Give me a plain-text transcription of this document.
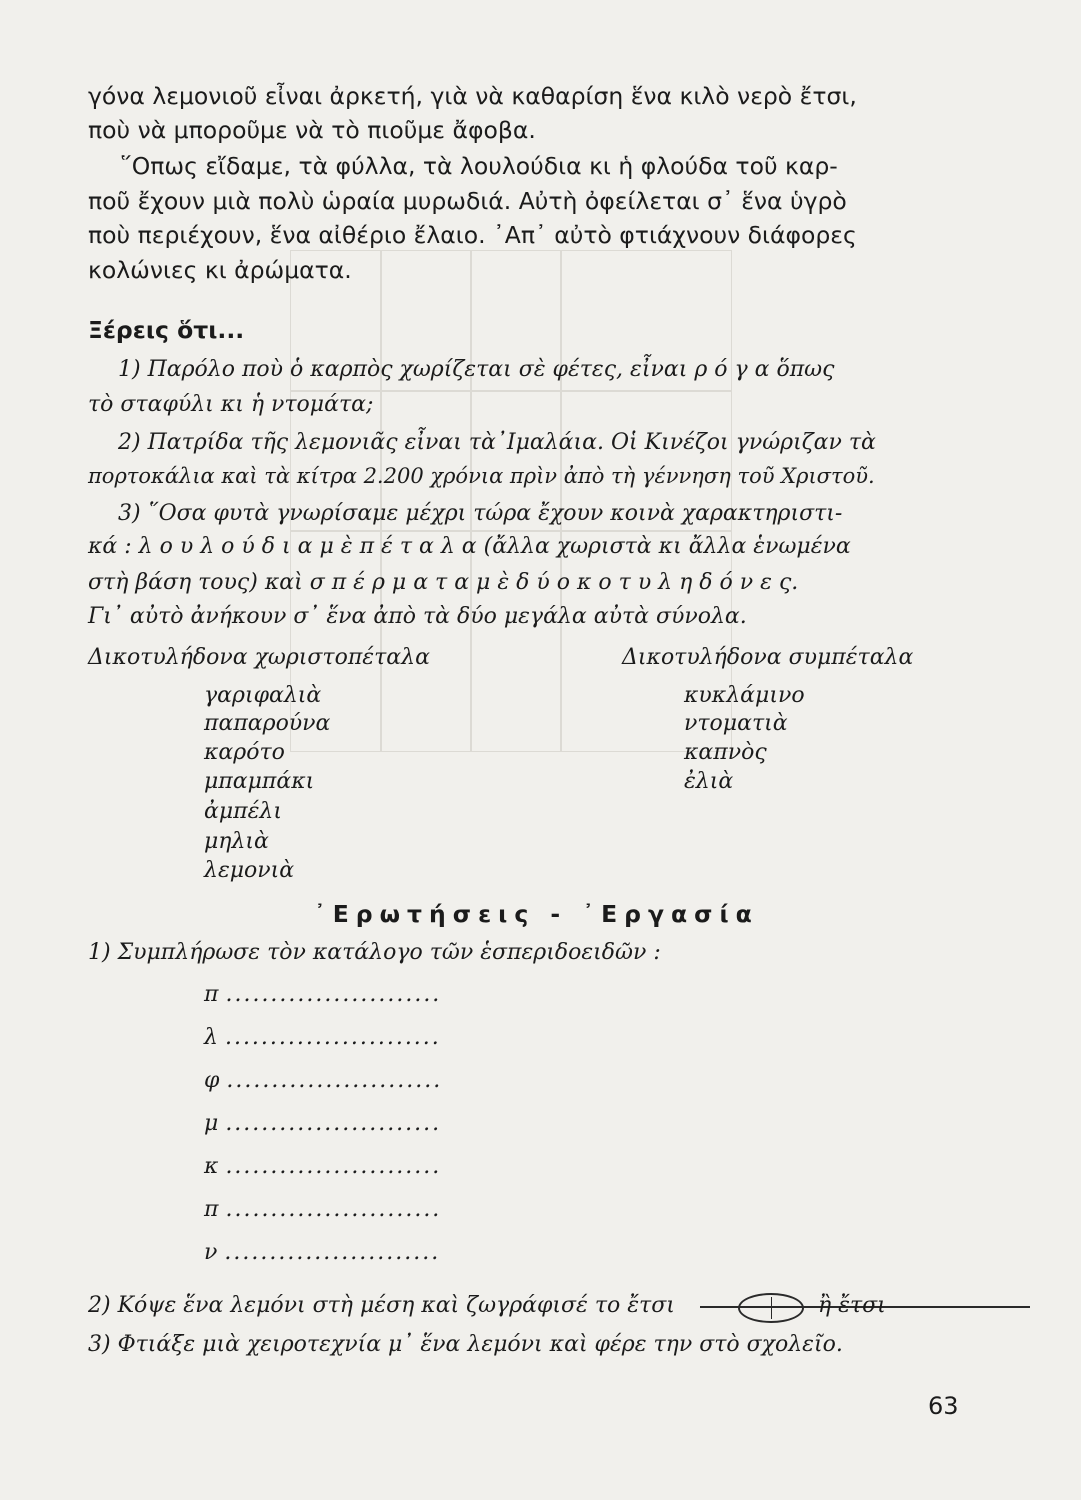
γόνα λεμονιοῦ εἶναι ἀρκετή, γιὰ νὰ καθαρίση ἕνα κιλὸ νερὸ ἔτσι,
ποὺ νὰ μποροῦμε νὰ τὸ πιοῦμε ἄφοβα.
῞Οπως εἴδαμε, τὰ φύλλα, τὰ λουλούδια κι ἡ φλούδα τοῦ καρ-
ποῦ ἔχουν μιὰ πολὺ ὡραία μυρωδιά. Αὐτὴ ὀφείλεται σ᾽ ἕνα ὑγρὸ
ποὺ περιέχουν, ἕνα αἰθέριο ἔλαιο. ᾽Απ᾽ αὐτὸ φτιάχνουν διάφορες
κολώνιες κι ἀρώματα.
Ξέρεις ὅτι...
1) Παρόλο ποὺ ὁ καρπὸς χωρίζεται σὲ φέτες, εἶναι ρ ό γ α ὅπως
τὸ σταφύλι κι ἡ ντομάτα;
2) Πατρίδα τῆς λεμονιᾶς εἶναι τὰ᾽Ιμαλάια. Οἱ Κινέζοι γνώριζαν τὰ
πορτοκάλια καὶ τὰ κίτρα 2.200 χρόνια πρὶν ἀπὸ τὴ γέννηση τοῦ Χριστοῦ.
3) ῞Οσα φυτὰ γνωρίσαμε μέχρι τώρα ἔχουν κοινὰ χαρακτηριστι-
κά : λ ο υ λ ο ύ δ ι α μ ὲ π έ τ α λ α (ἄλλα χωριστὰ κι ἄλλα ἑνωμένα
στὴ βάση τους) καὶ σ π έ ρ μ α τ α μ ὲ δ ύ ο κ ο τ υ λ η δ ό ν ε ς.
Γι᾽ αὐτὸ ἀνήκουν σ᾽ ἕνα ἀπὸ τὰ δύο μεγάλα αὐτὰ σύνολα.
Δικοτυλήδονα χωριστοπέταλα	Δικοτυλήδονα συμπέταλα
γαριφαλιὰ
παπαρούνα
καρότο
μπαμπάκι
ἀμπέλι
μηλιὰ
λεμονιὰ
κυκλάμινο
ντοματιὰ
καπνὸς
ἐλιὰ
᾽Ερωτήσεις - ᾽Εργασία
1) Συμπλήρωσε τὸν κατάλογο τῶν ἑσπεριδοειδῶν :
π ........................
λ ........................
φ ........................
μ ........................
κ ........................
π ........................
ν ........................
2) Κόψε ἕνα λεμόνι στὴ μέση καὶ ζωγράφισέ το ἔτσι	ἢ ἔτσι
3) Φτιάξε μιὰ χειροτεχνία μ᾽ ἕνα λεμόνι καὶ φέρε την στὸ σχολεῖο.
63
